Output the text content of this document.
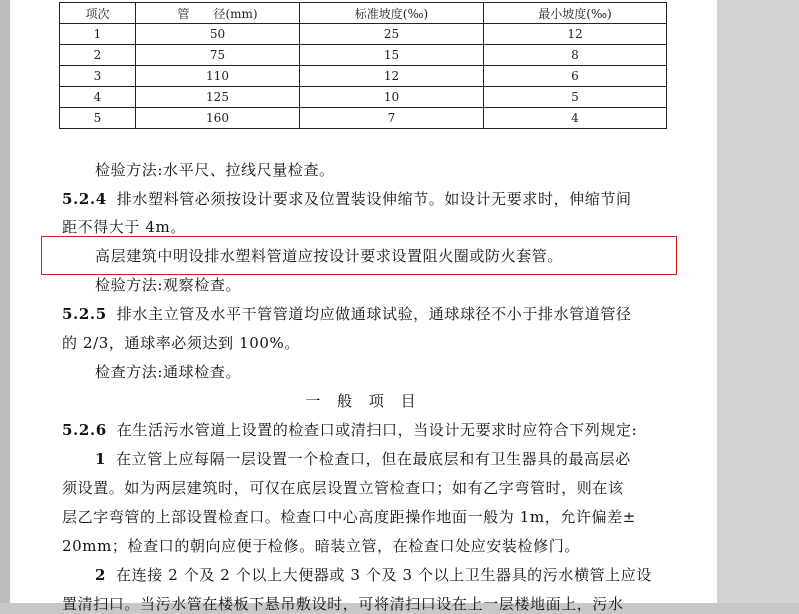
项次	管　　径(mm)	标准坡度(‰)	最小坡度(‰)
1	50	25	12
2	75	15	8
3	110	12	6
4	125	10	5
5	160	7	4
检验方法:水平尺、拉线尺量检查。
5.2.4 排水塑料管必须按设计要求及位置装设伸缩节。如设计无要求时，伸缩节间
距不得大于 4m。
高层建筑中明设排水塑料管道应按设计要求设置阻火圈或防火套管。
检验方法:观察检查。
5.2.5 排水主立管及水平干管管道均应做通球试验，通球球径不小于排水管道管径
的 2/3，通球率必须达到 100%。
检查方法:通球检查。
一 般 项 目
5.2.6 在生活污水管道上设置的检查口或清扫口，当设计无要求时应符合下列规定:
1 在立管上应每隔一层设置一个检查口，但在最底层和有卫生器具的最高层必
须设置。如为两层建筑时，可仅在底层设置立管检查口；如有乙字弯管时，则在该
层乙字弯管的上部设置检查口。检查口中心高度距操作地面一般为 1m，允许偏差±
20mm；检查口的朝向应便于检修。暗装立管，在检查口处应安装检修门。
2 在连接 2 个及 2 个以上大便器或 3 个及 3 个以上卫生器具的污水横管上应设
置清扫口。当污水管在楼板下悬吊敷设时，可将清扫口设在上一层楼地面上，污水
